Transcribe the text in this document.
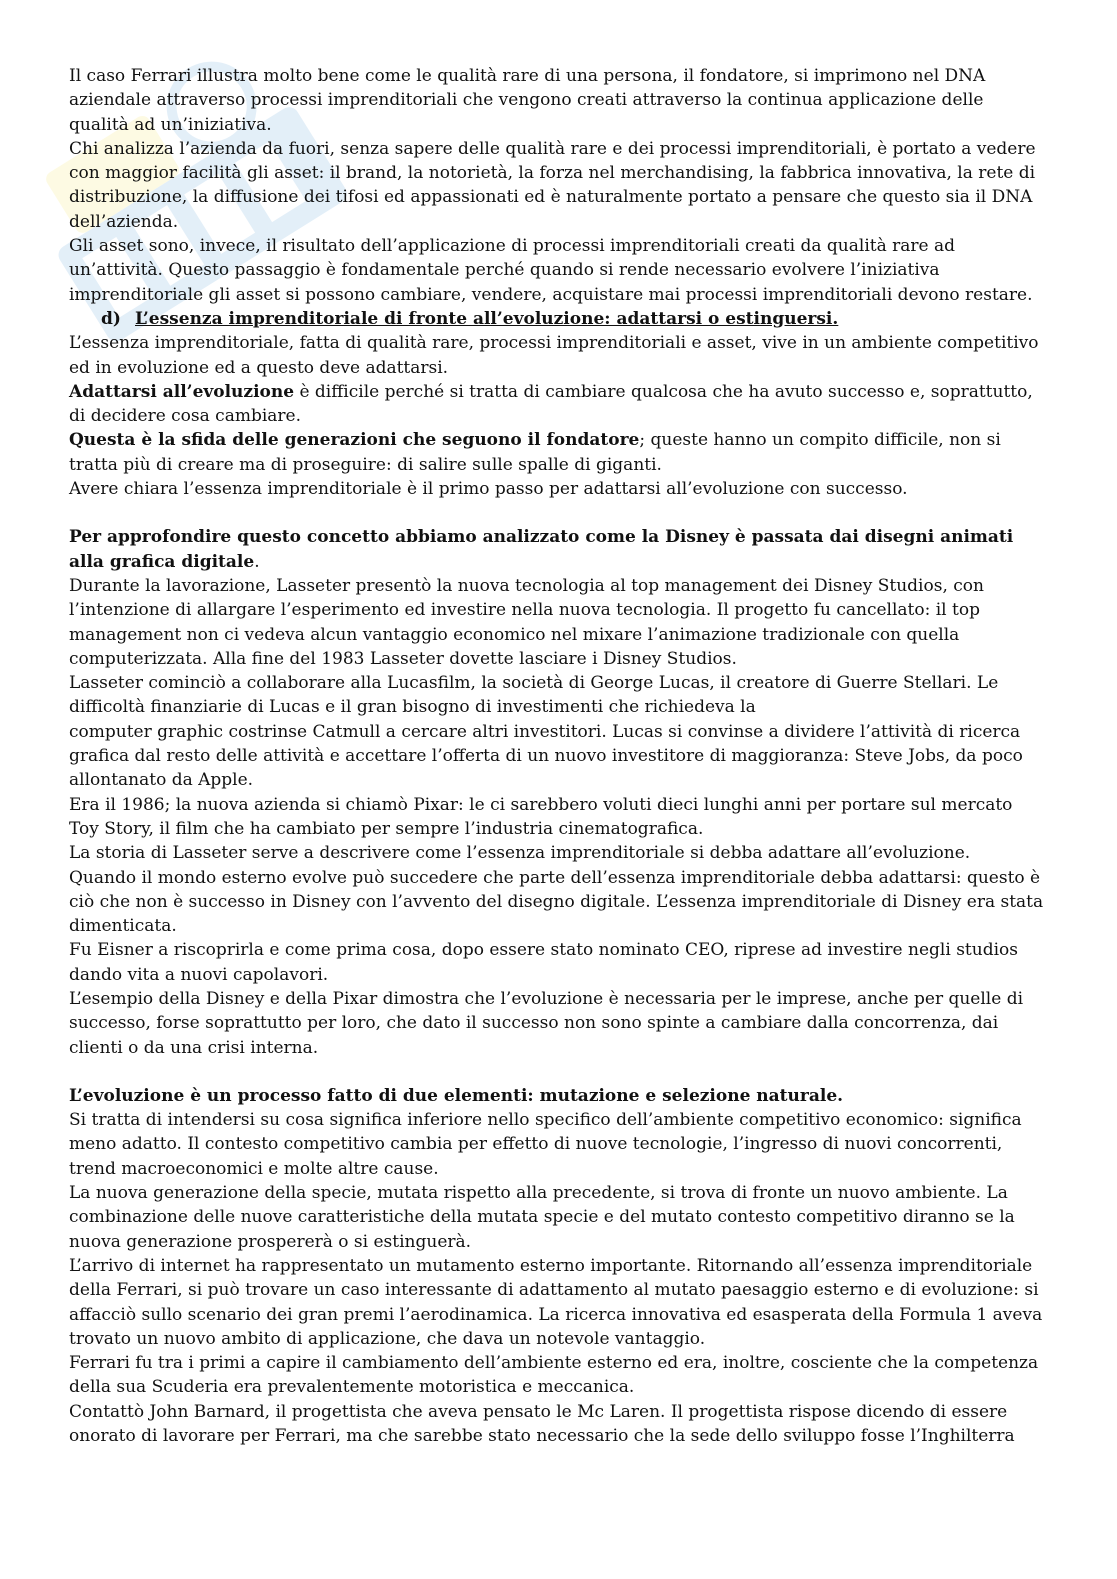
Il caso Ferrari illustra molto bene come le qualità rare di una persona, il fondatore, si imprimono nel DNA aziendale attraverso processi imprenditoriali che vengono creati attraverso la continua applicazione delle qualità ad un’iniziativa.

Chi analizza l’azienda da fuori, senza sapere delle qualità rare e dei processi imprenditoriali, è portato a vedere con maggior facilità gli asset: il brand, la notorietà, la forza nel merchandising, la fabbrica innovativa, la rete di distribuzione, la diffusione dei tifosi ed appassionati ed è naturalmente portato a pensare che questo sia il DNA dell’azienda.

Gli asset sono, invece, il risultato dell’applicazione di processi imprenditoriali creati da qualità rare ad un’attività. Questo passaggio è fondamentale perché quando si rende necessario evolvere l’iniziativa imprenditoriale gli asset si possono cambiare, vendere, acquistare mai processi imprenditoriali devono restare.

d) L’essenza imprenditoriale di fronte all’evoluzione: adattarsi o estinguersi.

L’essenza imprenditoriale, fatta di qualità rare, processi imprenditoriali e asset, vive in un ambiente competitivo ed in evoluzione ed a questo deve adattarsi.

Adattarsi all’evoluzione è difficile perché si tratta di cambiare qualcosa che ha avuto successo e, soprattutto, di decidere cosa cambiare.

Questa è la sfida delle generazioni che seguono il fondatore; queste hanno un compito difficile, non si tratta più di creare ma di proseguire: di salire sulle spalle di giganti.

Avere chiara l’essenza imprenditoriale è il primo passo per adattarsi all’evoluzione con successo.

Per approfondire questo concetto abbiamo analizzato come la Disney è passata dai disegni animati alla grafica digitale.

Durante la lavorazione, Lasseter presentò la nuova tecnologia al top management dei Disney Studios, con l’intenzione di allargare l’esperimento ed investire nella nuova tecnologia. Il progetto fu cancellato: il top management non ci vedeva alcun vantaggio economico nel mixare l’animazione tradizionale con quella computerizzata. Alla fine del 1983 Lasseter dovette lasciare i Disney Studios.

Lasseter cominciò a collaborare alla Lucasfilm, la società di George Lucas, il creatore di Guerre Stellari. Le difficoltà finanziarie di Lucas e il gran bisogno di investimenti che richiedeva la

computer graphic costrinse Catmull a cercare altri investitori. Lucas si convinse a dividere l’attività di ricerca grafica dal resto delle attività e accettare l’offerta di un nuovo investitore di maggioranza: Steve Jobs, da poco allontanato da Apple.

Era il 1986; la nuova azienda si chiamò Pixar: le ci sarebbero voluti dieci lunghi anni per portare sul mercato Toy Story, il film che ha cambiato per sempre l’industria cinematografica.

La storia di Lasseter serve a descrivere come l’essenza imprenditoriale si debba adattare all’evoluzione.

Quando il mondo esterno evolve può succedere che parte dell’essenza imprenditoriale debba adattarsi: questo è ciò che non è successo in Disney con l’avvento del disegno digitale. L’essenza imprenditoriale di Disney era stata dimenticata.

Fu Eisner a riscoprirla e come prima cosa, dopo essere stato nominato CEO, riprese ad investire negli studios dando vita a nuovi capolavori.

L’esempio della Disney e della Pixar dimostra che l’evoluzione è necessaria per le imprese, anche per quelle di successo, forse soprattutto per loro, che dato il successo non sono spinte a cambiare dalla concorrenza, dai clienti o da una crisi interna.

L’evoluzione è un processo fatto di due elementi: mutazione e selezione naturale.

Si tratta di intendersi su cosa significa inferiore nello specifico dell’ambiente competitivo economico: significa meno adatto. Il contesto competitivo cambia per effetto di nuove tecnologie, l’ingresso di nuovi concorrenti, trend macroeconomici e molte altre cause.

La nuova generazione della specie, mutata rispetto alla precedente, si trova di fronte un nuovo ambiente. La combinazione delle nuove caratteristiche della mutata specie e del mutato contesto competitivo diranno se la nuova generazione prospererà o si estinguerà.

L’arrivo di internet ha rappresentato un mutamento esterno importante. Ritornando all’essenza imprenditoriale della Ferrari, si può trovare un caso interessante di adattamento al mutato paesaggio esterno e di evoluzione: si affacciò sullo scenario dei gran premi l’aerodinamica. La ricerca innovativa ed esasperata della Formula 1 aveva trovato un nuovo ambito di applicazione, che dava un notevole vantaggio.

Ferrari fu tra i primi a capire il cambiamento dell’ambiente esterno ed era, inoltre, cosciente che la competenza della sua Scuderia era prevalentemente motoristica e meccanica.

Contattò John Barnard, il progettista che aveva pensato le Mc Laren. Il progettista rispose dicendo di essere onorato di lavorare per Ferrari, ma che sarebbe stato necessario che la sede dello sviluppo fosse l’Inghilterra
